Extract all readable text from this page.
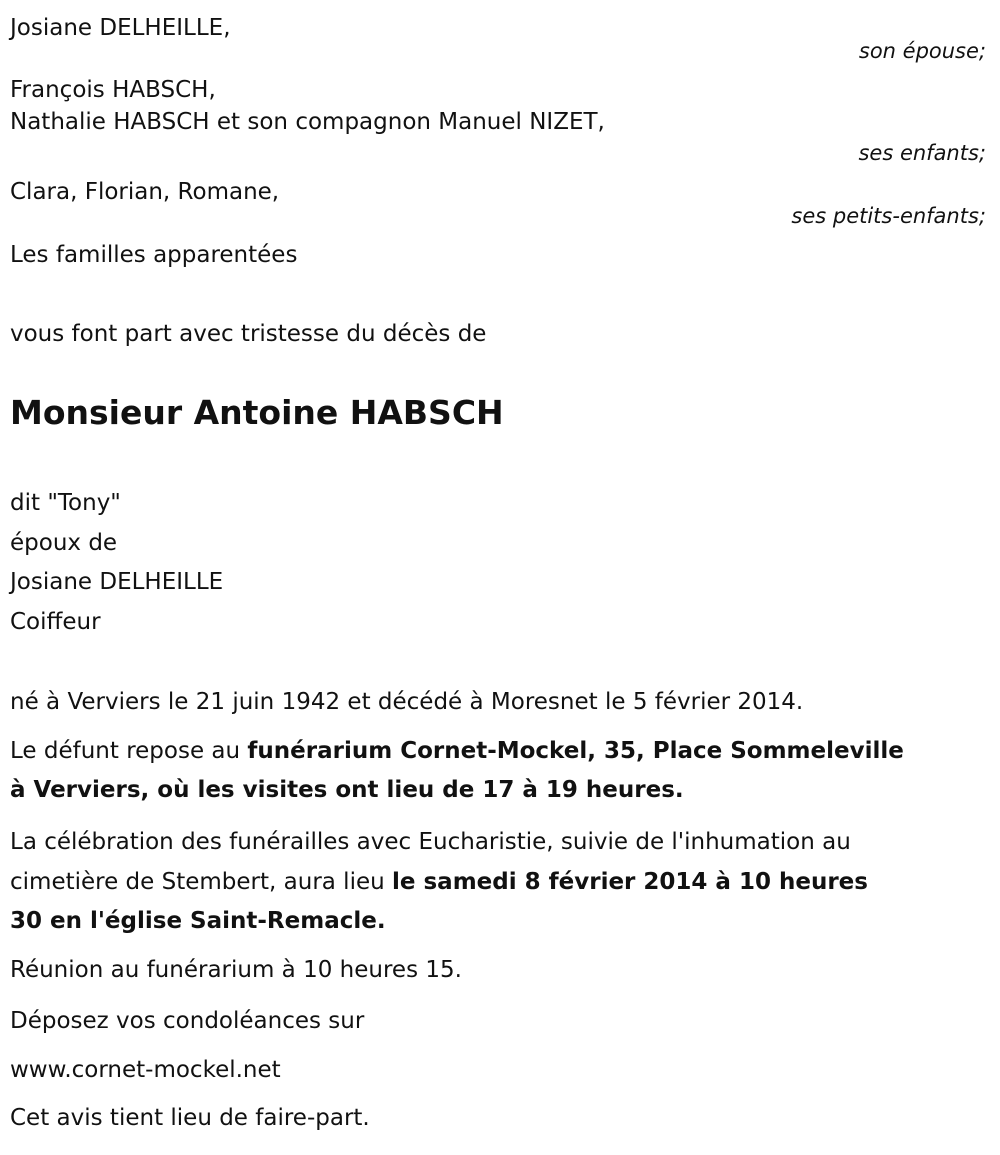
Josiane DELHEILLE,
son épouse;
François HABSCH,
Nathalie HABSCH et son compagnon Manuel NIZET,
ses enfants;
Clara, Florian, Romane,
ses petits-enfants;
Les familles apparentées
vous font part avec tristesse du décès de
Monsieur Antoine HABSCH
dit "Tony"
époux de
Josiane DELHEILLE
Coiffeur
né à Verviers le 21 juin 1942 et décédé à Moresnet le 5 février 2014.
Le défunt repose au funérarium Cornet-Mockel, 35, Place Sommeleville
à Verviers, où les visites ont lieu de 17 à 19 heures.
La célébration des funérailles avec Eucharistie, suivie de l'inhumation au
cimetière de Stembert, aura lieu le samedi 8 février 2014 à 10 heures
30 en l'église Saint-Remacle.
Réunion au funérarium à 10 heures 15.
Déposez vos condoléances sur
www.cornet-mockel.net
Cet avis tient lieu de faire-part.
